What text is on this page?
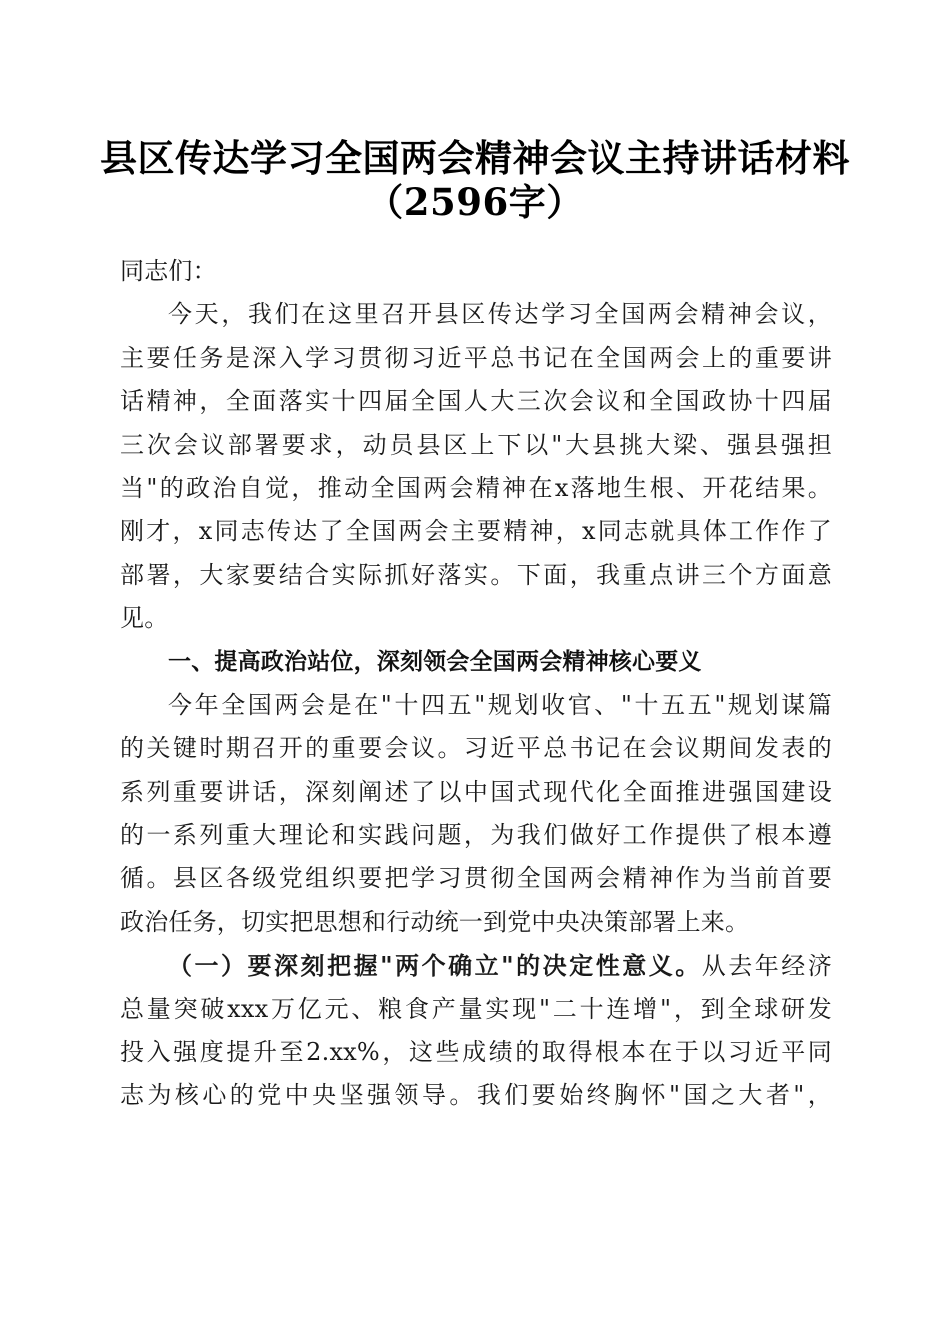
县区传达学习全国两会精神会议主持讲话材料
（2596字）
同志们：
今天，我们在这里召开县区传达学习全国两会精神会议，
主要任务是深入学习贯彻习近平总书记在全国两会上的重要讲
话精神，全面落实十四届全国人大三次会议和全国政协十四届
三次会议部署要求，动员县区上下以"大县挑大梁、强县强担
当"的政治自觉，推动全国两会精神在x落地生根、开花结果。
刚才，x同志传达了全国两会主要精神，x同志就具体工作作了
部署，大家要结合实际抓好落实。下面，我重点讲三个方面意
见。
一、提高政治站位，深刻领会全国两会精神核心要义
今年全国两会是在"十四五"规划收官、"十五五"规划谋篇
的关键时期召开的重要会议。习近平总书记在会议期间发表的
系列重要讲话，深刻阐述了以中国式现代化全面推进强国建设
的一系列重大理论和实践问题，为我们做好工作提供了根本遵
循。县区各级党组织要把学习贯彻全国两会精神作为当前首要
政治任务，切实把思想和行动统一到党中央决策部署上来。
（一）要深刻把握"两个确立"的决定性意义。从去年经济
总量突破xxx万亿元、粮食产量实现"二十连增"，到全球研发
投入强度提升至2.xx%，这些成绩的取得根本在于以习近平同
志为核心的党中央坚强领导。我们要始终胸怀"国之大者"，
